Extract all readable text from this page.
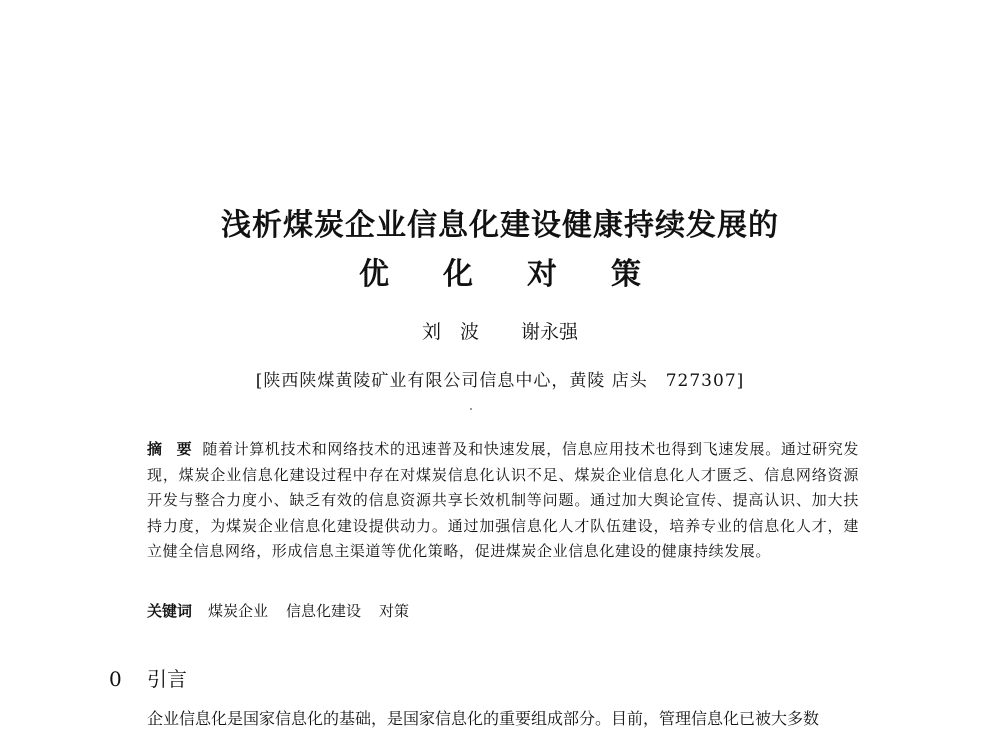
浅析煤炭企业信息化建设健康持续发展的
优 化 对 策
刘　波 谢永强
[陕西陕煤黄陵矿业有限公司信息中心，黄陵 店头　727307]
摘 要 随着计算机技术和网络技术的迅速普及和快速发展，信息应用技术也得到飞速发展。通过研究发现，煤炭企业信息化建设过程中存在对煤炭信息化认识不足、煤炭企业信息化人才匮乏、信息网络资源开发与整合力度小、缺乏有效的信息资源共享长效机制等问题。通过加大舆论宣传、提高认识、加大扶持力度，为煤炭企业信息化建设提供动力。通过加强信息化人才队伍建设，培养专业的信息化人才，建立健全信息网络，形成信息主渠道等优化策略，促进煤炭企业信息化建设的健康持续发展。
关键词 煤炭企业 信息化建设 对策
0 引言
企业信息化是国家信息化的基础，是国家信息化的重要组成部分。目前，管理信息化已被大多数
